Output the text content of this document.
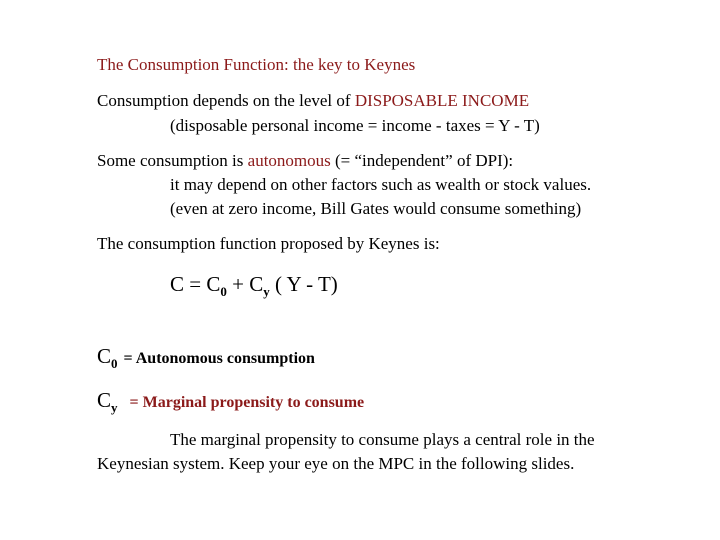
The Consumption Function: the key to Keynes
Consumption depends on the level of DISPOSABLE INCOME
(disposable personal income = income - taxes = Y - T)
Some consumption is autonomous (= “independent” of DPI):
it may depend on other factors such as wealth or stock values.
(even at zero income, Bill Gates would consume something)
The consumption function proposed by Keynes is:
$C = C_0 + C_y$ ( Y - T)
$C_0$ = Autonomous consumption
$C_y$ = Marginal propensity to consume
The marginal propensity to consume plays a central role in the Keynesian system. Keep your eye on the MPC in the following slides.
